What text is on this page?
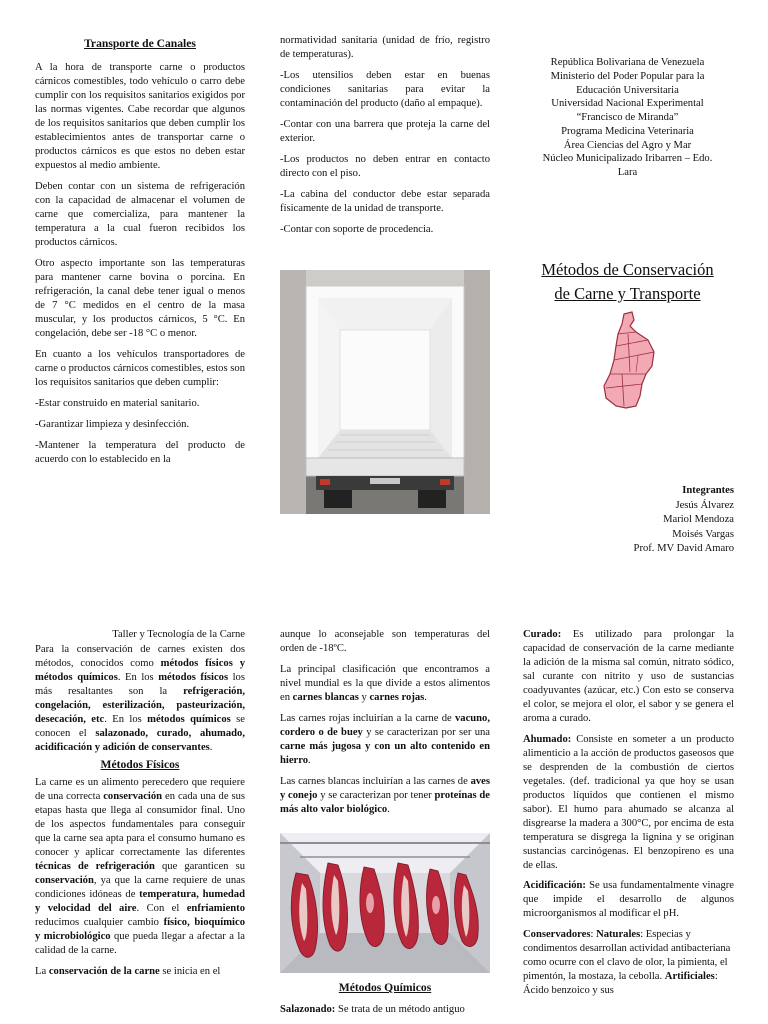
Transporte de Canales

A la hora de transporte carne o productos cárnicos comestibles, todo vehículo o carro debe cumplir con los requisitos sanitarios exigidos por las normas vigentes. Cabe recordar que algunos de los requisitos sanitarios que deben cumplir los establecimientos antes de transportar carne o productos cárnicos es que estos no deben estar expuestos al medio ambiente.

Deben contar con un sistema de refrigeración con la capacidad de almacenar el volumen de carne que comercializa, para mantener la temperatura a la cual fueron recibidos los productos cárnicos.

Otro aspecto importante son las temperaturas para mantener carne bovina o porcina. En refrigeración, la canal debe tener igual o menos de 7 °C medidos en el centro de la masa muscular, y los productos cárnicos, 5 °C. En congelación, debe ser -18 °C o menor.

En cuanto a los vehículos transportadores de carne o productos cárnicos comestibles, estos son los requisitos sanitarios que deben cumplir:

-Estar construido en material sanitario.

-Garantizar limpieza y desinfección.

-Mantener la temperatura del producto de acuerdo con lo establecido en la

normatividad sanitaria (unidad de frío, registro de temperaturas).

-Los utensilios deben estar en buenas condiciones sanitarias para evitar la contaminación del producto (daño al empaque).

-Contar con una barrera que proteja la carne del exterior.

-Los productos no deben entrar en contacto directo con el piso.

-La cabina del conductor debe estar separada físicamente de la unidad de transporte.

-Contar con soporte de procedencia.

República Bolivariana de Venezuela
Ministerio del Poder Popular para la
Educación Universitaria
Universidad Nacional Experimental
“Francisco de Miranda”
Programa Medicina Veterinaria
Área Ciencias del Agro y Mar
Núcleo Municipalizado Iribarren – Edo.
Lara
Métodos de Conservación
de Carne y Transporte
Integrantes
Jesús Álvarez
Mariol Mendoza
Moisés Vargas
Prof. MV David Amaro
Taller y Tecnología de la Carne

Para la conservación de carnes existen dos métodos, conocidos como métodos físicos y métodos químicos. En los métodos físicos los más resaltantes son la refrigeración, congelación, esterilización, pasteurización, desecación, etc. En los métodos químicos se conocen el salazonado, curado, ahumado, acidificación y adición de conservantes.

Métodos Físicos

La carne es un alimento perecedero que requiere de una correcta conservación en cada una de sus etapas hasta que llega al consumidor final. Uno de los aspectos fundamentales para conseguir que la carne sea apta para el consumo humano es conocer y aplicar correctamente las diferentes técnicas de refrigeración que garanticen su conservación, ya que la carne requiere de unas condiciones idóneas de temperatura, humedad y velocidad del aire. Con el enfriamiento reducimos cualquier cambio físico, bioquímico y microbiológico que pueda llegar a afectar a la calidad de la carne.

La conservación de la carne se inicia en el

aunque lo aconsejable son temperaturas del orden de -18ºC.

La principal clasificación que encontramos a nivel mundial es la que divide a estos alimentos en carnes blancas y carnes rojas.

Las carnes rojas incluirían a la carne de vacuno, cordero o de buey y se caracterizan por ser una carne más jugosa y con un alto contenido en hierro.

Las carnes blancas incluirían a las carnes de aves y conejo y se caracterizan por tener proteínas de más alto valor biológico.

Métodos Químicos

Salazonado: Se trata de un método antiguo

Curado: Es utilizado para prolongar la capacidad de conservación de la carne mediante la adición de la misma sal común, nitrato sódico, sal curante con nitrito y uso de sustancias coadyuvantes (azúcar, etc.) Con esto se conserva el color, se mejora el olor, el sabor y se genera el aroma a curado.

Ahumado: Consiste en someter a un producto alimenticio a la acción de productos gaseosos que se desprenden de la combustión de ciertos vegetales. (def. tradicional ya que hoy se usan productos líquidos que contienen el mismo sabor). El humo para ahumado se alcanza al disgrearse la madera a 300°C, por encima de esta temperatura se disgrega la lignina y se originan sustancias carcinógenas. El benzopireno es una de ellas.

Acidificación: Se usa fundamentalmente vinagre que impide el desarrollo de algunos microorganismos al modificar el pH.

Conservadores: Naturales: Especias y condimentos desarrollan actividad antibacteriana como ocurre con el clavo de olor, la pimienta, el pimentón, la mostaza, la cebolla. Artificiales: Ácido benzoico y sus
